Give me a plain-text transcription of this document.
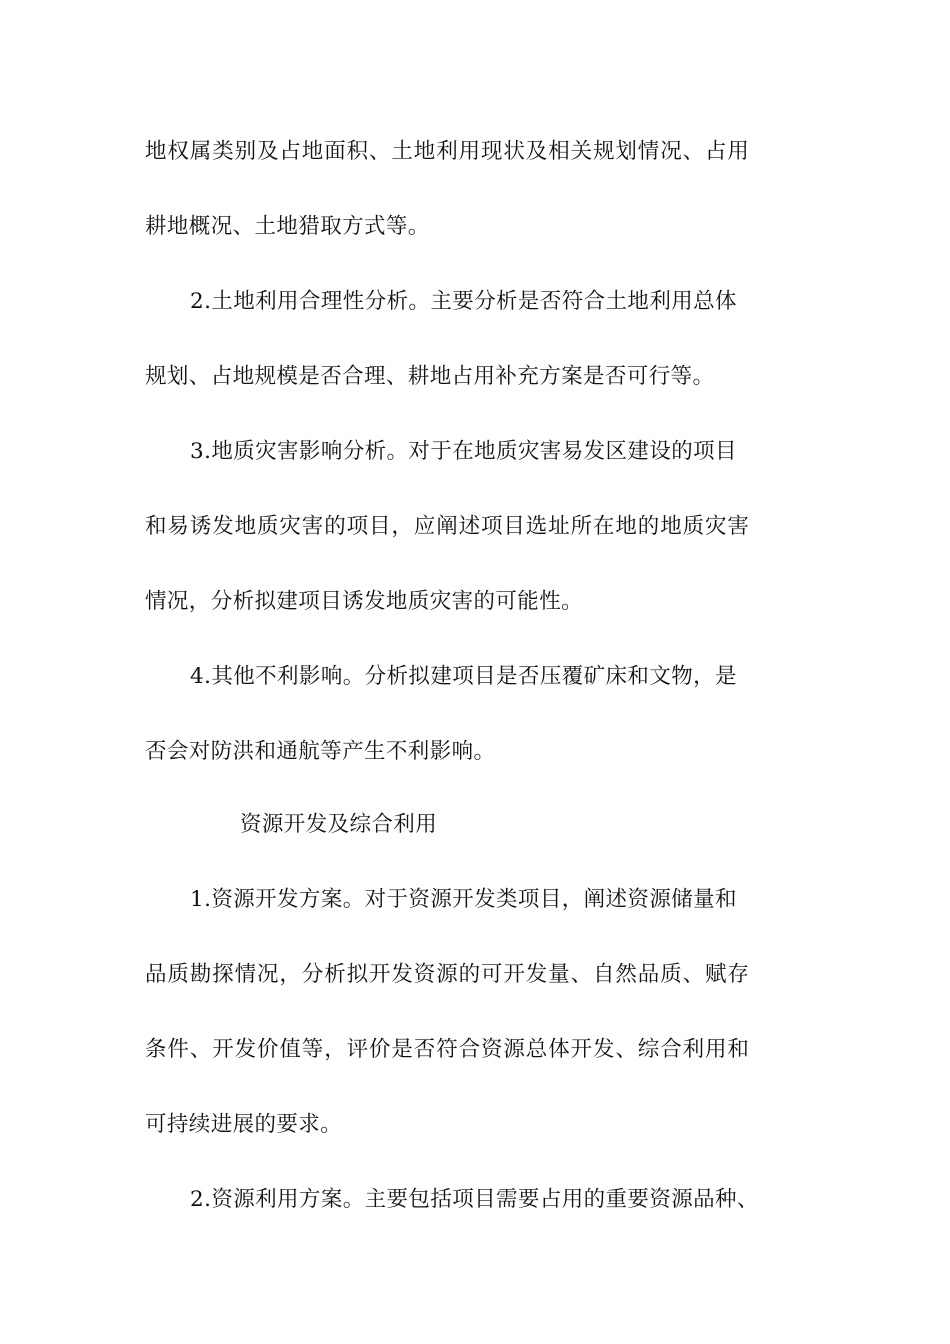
地权属类别及占地面积、土地利用现状及相关规划情况、占用
耕地概况、土地猎取方式等。
2.土地利用合理性分析。主要分析是否符合土地利用总体
规划、占地规模是否合理、耕地占用补充方案是否可行等。
3.地质灾害影响分析。对于在地质灾害易发区建设的项目
和易诱发地质灾害的项目，应阐述项目选址所在地的地质灾害
情况，分析拟建项目诱发地质灾害的可能性。
4.其他不利影响。分析拟建项目是否压覆矿床和文物，是
否会对防洪和通航等产生不利影响。
资源开发及综合利用
1.资源开发方案。对于资源开发类项目，阐述资源储量和
品质勘探情况，分析拟开发资源的可开发量、自然品质、赋存
条件、开发价值等，评价是否符合资源总体开发、综合利用和
可持续进展的要求。
2.资源利用方案。主要包括项目需要占用的重要资源品种、
